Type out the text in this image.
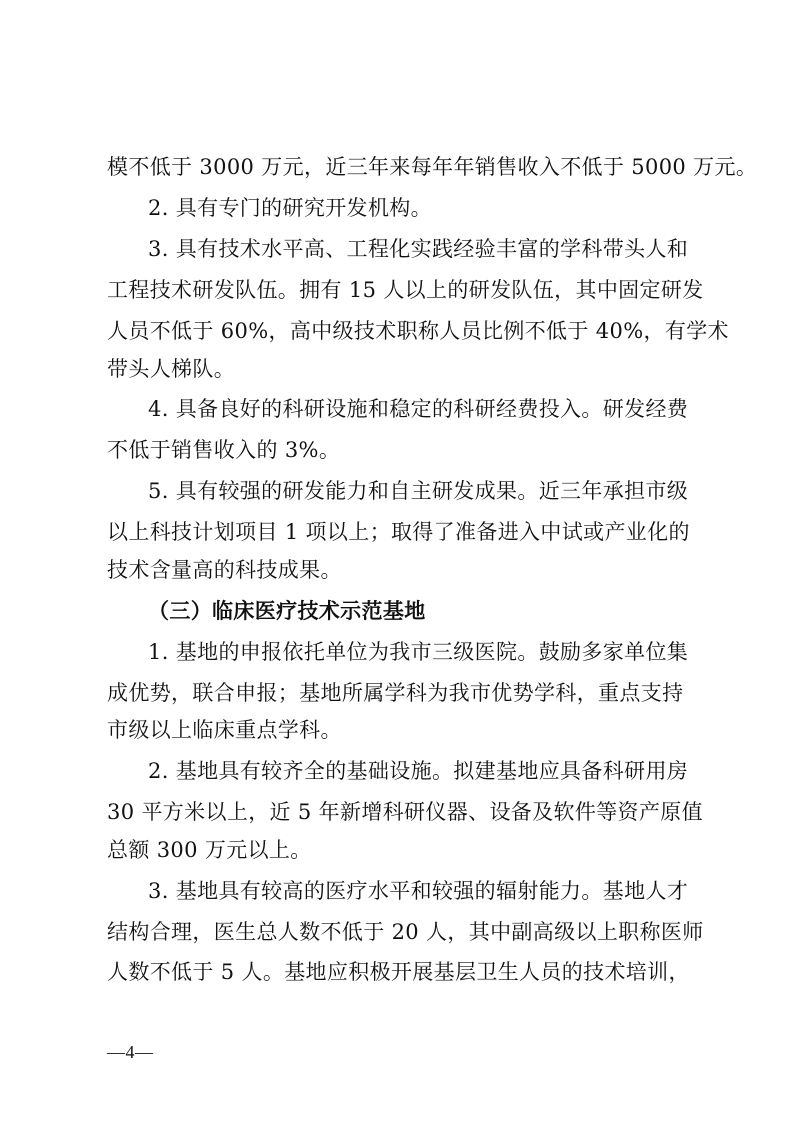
模不低于 3000 万元，近三年来每年年销售收入不低于 5000 万元。
2. 具有专门的研究开发机构。
3. 具有技术水平高、工程化实践经验丰富的学科带头人和
工程技术研发队伍。拥有 15 人以上的研发队伍，其中固定研发
人员不低于 60%，高中级技术职称人员比例不低于 40%，有学术
带头人梯队。
4. 具备良好的科研设施和稳定的科研经费投入。研发经费
不低于销售收入的 3%。
5. 具有较强的研发能力和自主研发成果。近三年承担市级
以上科技计划项目 1 项以上；取得了准备进入中试或产业化的
技术含量高的科技成果。
（三）临床医疗技术示范基地
1. 基地的申报依托单位为我市三级医院。鼓励多家单位集
成优势，联合申报；基地所属学科为我市优势学科，重点支持
市级以上临床重点学科。
2. 基地具有较齐全的基础设施。拟建基地应具备科研用房
30 平方米以上，近 5 年新增科研仪器、设备及软件等资产原值
总额 300 万元以上。
3. 基地具有较高的医疗水平和较强的辐射能力。基地人才
结构合理，医生总人数不低于 20 人，其中副高级以上职称医师
人数不低于 5 人。基地应积极开展基层卫生人员的技术培训，
—4—
